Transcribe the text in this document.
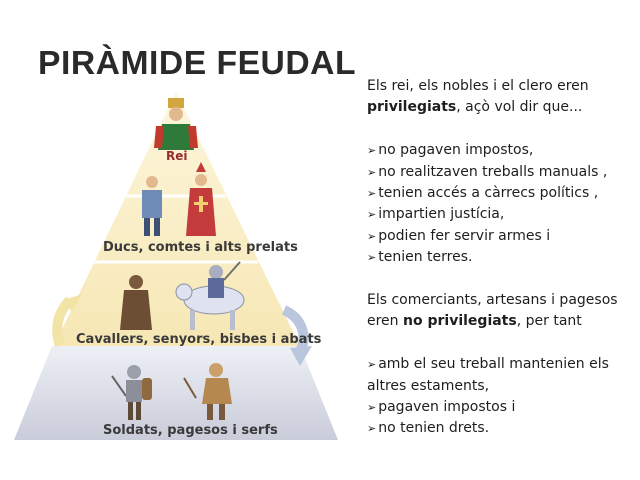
PIRÀMIDE FEUDAL
Rei
Ducs, comtes i alts prelats
Cavallers, senyors, bisbes i abats
Soldats, pagesos i serfs

Els rei, els nobles i el clero eren privilegiats, açò vol dir que...

➢ no pagaven impostos,

➢ no realitzaven treballs manuals ,

➢ tenien accés a càrrecs polítics ,

➢ impartien justícia,

➢ podien fer servir armes i

➢ tenien terres.

Els comerciants, artesans i pagesos eren no privilegiats, per tant

➢ amb el seu treball mantenien els altres estaments,

➢ pagaven impostos i

➢ no tenien drets.
